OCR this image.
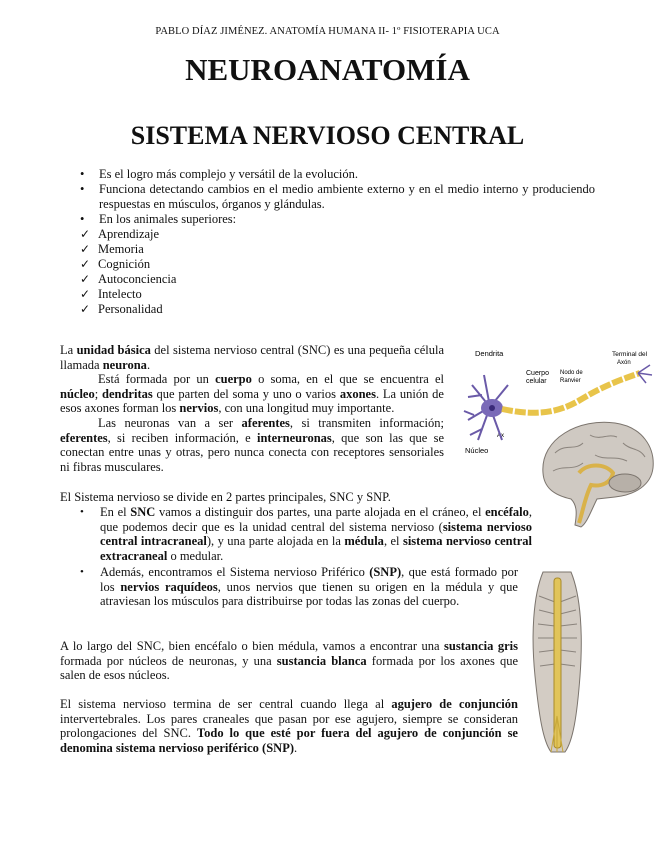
PABLO DÍAZ JIMÉNEZ. ANATOMÍA HUMANA II- 1º FISIOTERAPIA UCA
NEUROANATOMÍA
SISTEMA NERVIOSO CENTRAL
• Es el logro más complejo y versátil de la evolución.
• Funciona detectando cambios en el medio ambiente externo y en el medio interno y produciendo respuestas en músculos, órganos y glándulas.
• En los animales superiores:
✓ Aprendizaje
✓ Memoria
✓ Cognición
✓ Autoconciencia
✓ Intelecto
✓ Personalidad
La unidad básica del sistema nervioso central (SNC) es una pequeña célula llamada neurona.
Está formada por un cuerpo o soma, en el que se encuentra el núcleo; dendritas que parten del soma y uno o varios axones. La unión de esos axones forman los nervios, con una longitud muy importante.
Las neuronas van a ser aferentes, si transmiten información; eferentes, si reciben información, e interneuronas, que son las que se conectan entre unas y otras, pero nunca conecta con receptores sensoriales ni fibras musculares.
El Sistema nervioso se divide en 2 partes principales, SNC y SNP.
• En el SNC vamos a distinguir dos partes, una parte alojada en el cráneo, el encéfalo, que podemos decir que es la unidad central del sistema nervioso (sistema nervioso central intracraneal), y una parte alojada en la médula, el sistema nervioso central extracraneal o medular.
• Además, encontramos el Sistema nervioso Priférico (SNP), que está formado por los nervios raquídeos, unos nervios que tienen su origen en la médula y que atraviesan los músculos para distribuirse por todas las zonas del cuerpo.
A lo largo del SNC, bien encéfalo o bien médula, vamos a encontrar una sustancia gris formada por núcleos de neuronas, y una sustancia blanca formada por los axones que salen de esos núcleos.
El sistema nervioso termina de ser central cuando llega al agujero de conjunción intervertebrales. Los pares craneales que pasan por ese agujero, siempre se consideran prolongaciones del SNC. Todo lo que esté por fuera del agujero de conjunción se denomina sistema nervioso periférico (SNP).
Dendrita	Terminal del
Axón
Cuerpo
celular
Nodo de
Ranvier
Núcleo
Ax
